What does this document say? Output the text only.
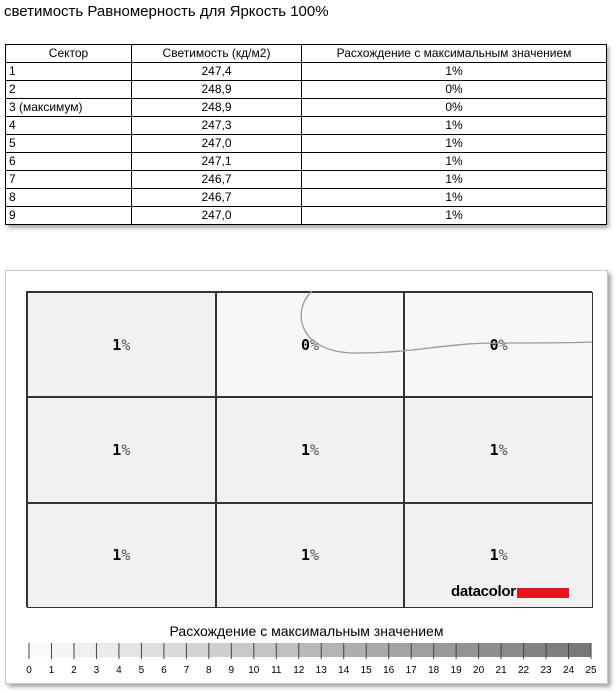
светимость Равномерность для Яркость 100%
Сектор	Светимость (кд/м2)	Расхождение с максимальным значением
1	247,4	1%
2	248,9	0%
3 (максимум)	248,9	0%
4	247,3	1%
5	247,0	1%
6	247,1	1%
7	246,7	1%
8	246,7	1%
9	247,0	1%
1 %	0 %	0 %
1 %	1 %	1 %
1 %	1 %	1 %
datacolor
Расхождение с максимальным значением
0 1 2 3 4 5 6 7 8 9 10 11 12 13 14 15 16 17 18 19 20 21 22 23 24 25
